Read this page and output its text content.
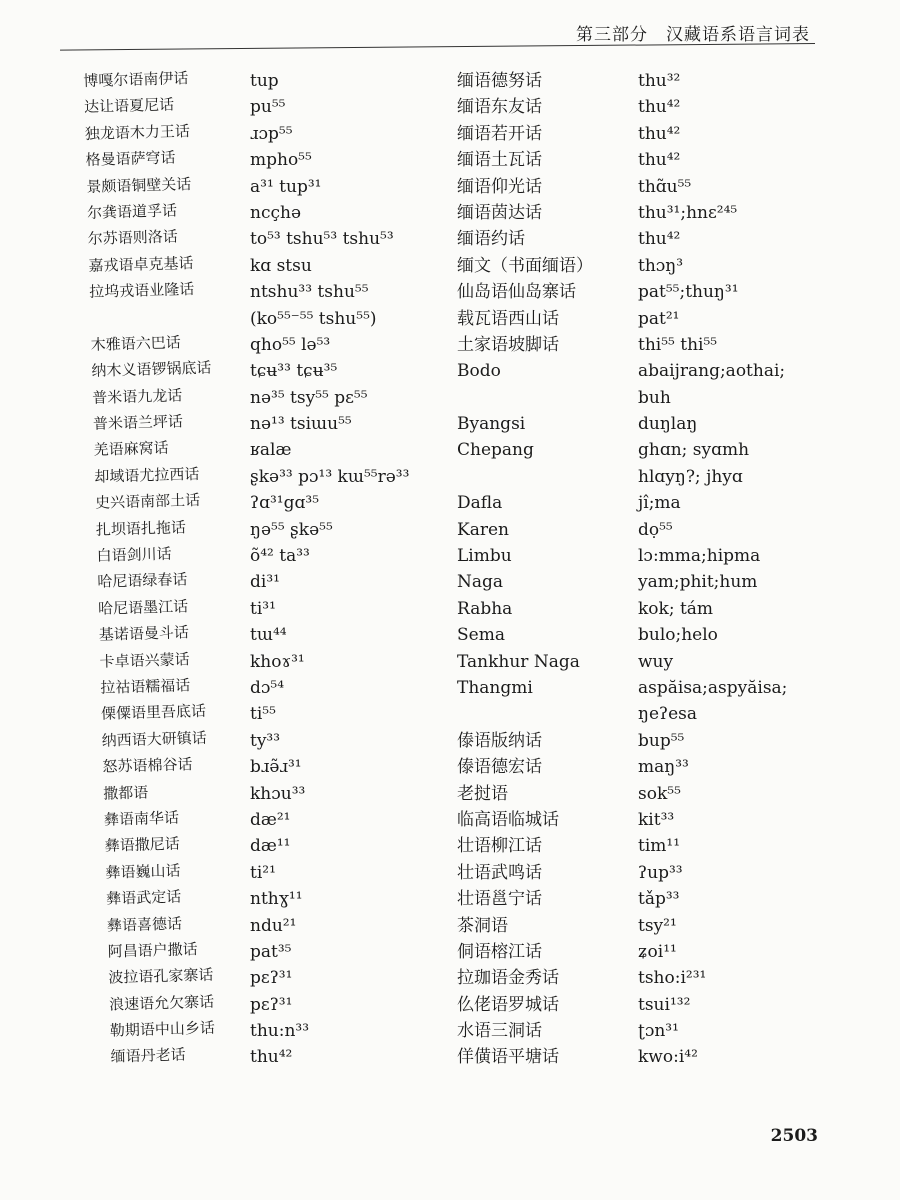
第三部分　汉藏语系语言词表
博嘎尔语南伊话
达让语夏尼话
独龙语木力王话
格曼语萨穹话
景颇语铜壁关话
尔龚语道孚话
尔苏语则洛话
嘉戎语卓克基话
拉坞戎语业隆话
木雅语六巴话
纳木义语锣锅底话
普米语九龙话
普米语兰坪话
羌语麻窝话
却域语尤拉西话
史兴语南部土话
扎坝语扎拖话
白语剑川话
哈尼语绿春话
哈尼语墨江话
基诺语曼斗话
卡卓语兴蒙话
拉祜语糯福话
傈僳语里吾底话
纳西语大研镇话
怒苏语棉谷话
撒都语
彝语南华话
彝语撒尼话
彝语巍山话
彝语武定话
彝语喜德话
阿昌语户撒话
波拉语孔家寨话
浪速语允欠寨话
勒期语中山乡话
缅语丹老话
tup
pu⁵⁵
ɹɔp⁵⁵
mpho⁵⁵
a³¹ tup³¹
ncçhə
to⁵³ tshu⁵³ tshu⁵³
kɑ stsu
ntshu³³ tshu⁵⁵
(ko⁵⁵⁻⁵⁵ tshu⁵⁵)
qho⁵⁵ lə⁵³
tɕʉ³³ tɕʉ³⁵
nə³⁵ tsy⁵⁵ pɛ⁵⁵
nə¹³ tsiɯu⁵⁵
ʁalæ
ʂkə³³ pɔ¹³ kɯ⁵⁵rə³³
ʔɑ³¹gɑ³⁵
ŋə⁵⁵ ʂkə⁵⁵
õ⁴² ta³³
di³¹
ti³¹
tɯ⁴⁴
khoɤ³¹
dɔ⁵⁴
ti⁵⁵
ty³³
bɹə̃ɹ³¹
khɔu³³
dæ²¹
dæ¹¹
ti²¹
nthɣ¹¹
ndu²¹
pat³⁵
pɛʔ³¹
pɛʔ³¹
thu:n³³
thu⁴²
缅语德努话
缅语东友话
缅语若开话
缅语土瓦话
缅语仰光话
缅语茵达话
缅语约话
缅文（书面缅语）
仙岛语仙岛寨话
载瓦语西山话
土家语坡脚话
Bodo
Byangsi
Chepang
Dafla
Karen
Limbu
Naga
Rabha
Sema
Tankhur Naga
Thangmi
傣语版纳话
傣语德宏话
老挝语
临高语临城话
壮语柳江话
壮语武鸣话
壮语邕宁话
茶洞语
侗语榕江话
拉珈语金秀话
仫佬语罗城话
水语三洞话
佯僙语平塘话
thu³²
thu⁴²
thu⁴²
thu⁴²
thɑ̃u⁵⁵
thu³¹;hnɛ²⁴⁵
thu⁴²
thɔŋ³
pat⁵⁵;thuŋ³¹
pat²¹
thi⁵⁵ thi⁵⁵
abaijrang;aothai;
buh
duŋlaŋ
ghɑn; syɑmh
hlɑyŋ?; jhyɑ
jî;ma
dọ⁵⁵
lɔ:mma;hipma
yam;phit;hum
kok; tám
bulo;helo
wuy
aspăisa;aspyăisa;
ŋeʔesa
bup⁵⁵
maŋ³³
sok⁵⁵
kit³³
tim¹¹
ʔup³³
tǎp³³
tsy²¹
ʑoi¹¹
tsho:i²³¹
tsui¹³²
ʈɔn³¹
kwo:i⁴²
2503
